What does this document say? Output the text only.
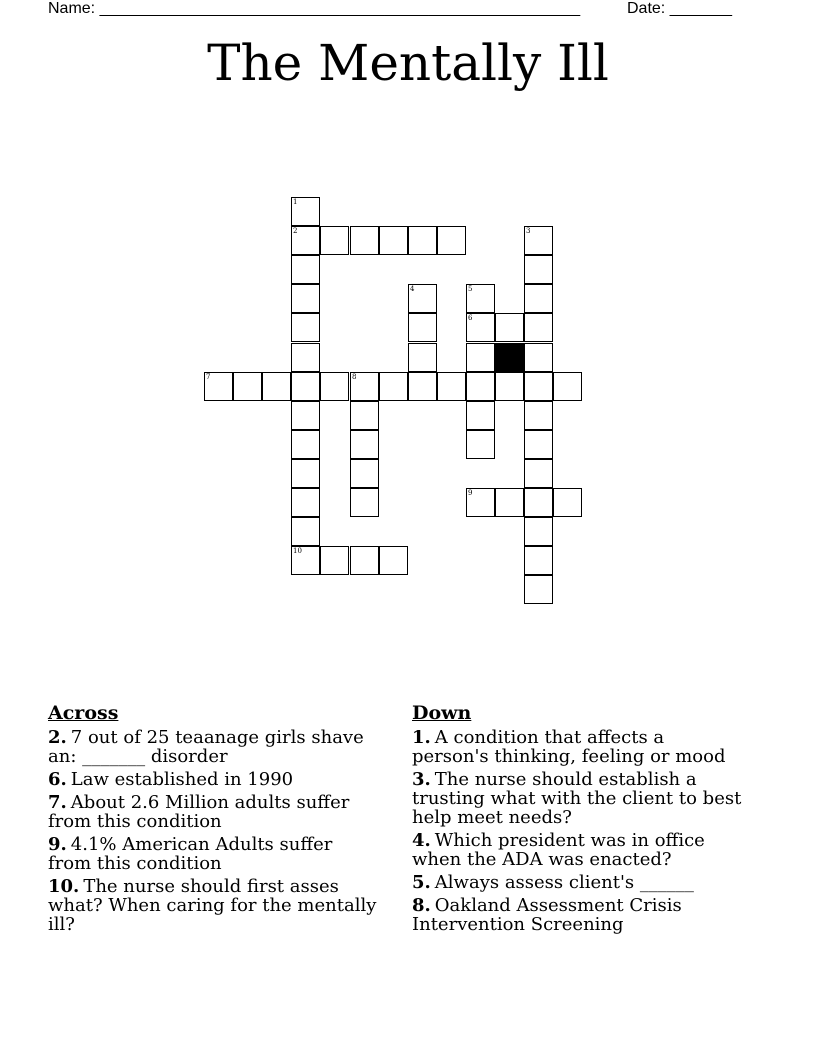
Name: ______________________________________________________	Date: _______
The Mentally Ill
1
2
10
3
4	5
6
7	8
9
Across
2. 7 out of 25 teaanage girls shave an: _______ disorder
6. Law established in 1990
7. About 2.6 Million adults suffer from this condition
9. 4.1% American Adults suffer from this condition
10. The nurse should first asses what? When caring for the mentally ill?
Down
1. A condition that affects a person's thinking, feeling or mood
3. The nurse should establish a trusting what with the client to best help meet needs?
4. Which president was in office when the ADA was enacted?
5. Always assess client's ______
8. Oakland Assessment Crisis Intervention Screening
